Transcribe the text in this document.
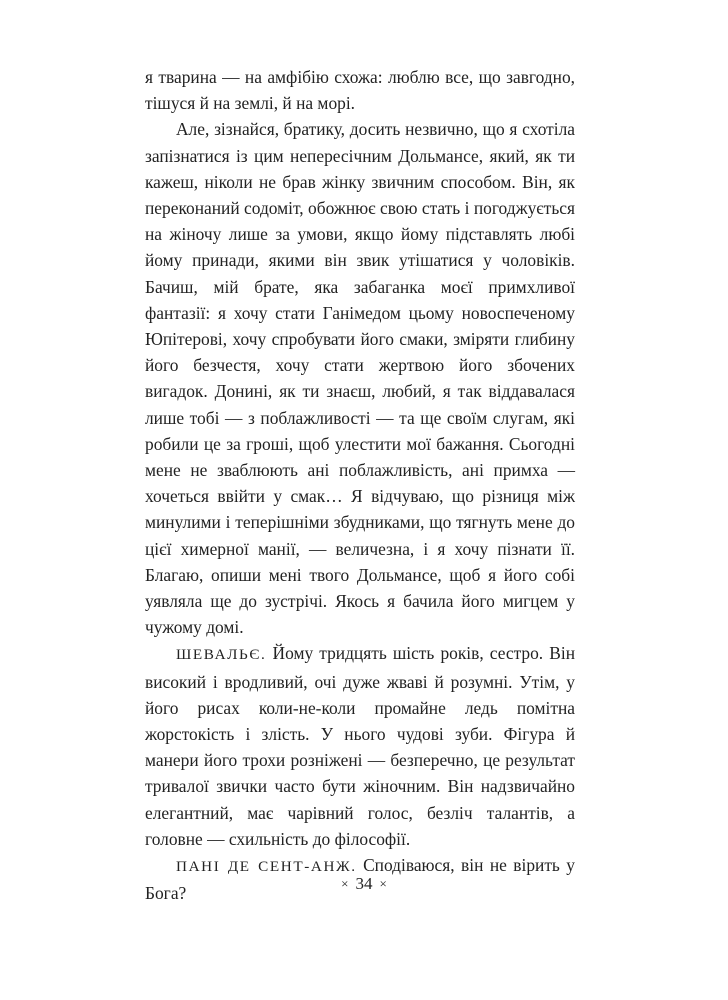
я тварина — на амфібію схожа: люблю все, що завгодно, тішуся й на землі, й на морі.

Але, зізнайся, братику, досить незвично, що я схотіла запізнатися із цим непересічним Дольмансе, який, як ти кажеш, ніколи не брав жінку звичним способом. Він, як переконаний содоміт, обожнює свою стать і погоджується на жіночу лише за умови, якщо йому підставлять любі йому принади, якими він звик утішатися у чоловіків. Бачиш, мій брате, яка забаганка моєї примхливої фантазії: я хочу стати Ганімедом цьому новоспеченому Юпітерові, хочу спробувати його смаки, зміряти глибину його безчестя, хочу стати жертвою його збочених вигадок. Донині, як ти знаєш, любий, я так віддавалася лише тобі — з поблажливості — та ще своїм слугам, які робили це за гроші, щоб улестити мої бажання. Сьогодні мене не зваблюють ані поблажливість, ані примха — хочеться ввійти у смак… Я відчуваю, що різниця між минулими і теперішніми збудниками, що тягнуть мене до цієї химерної манії, — величезна, і я хочу пізнати її. Благаю, опиши мені твого Дольмансе, щоб я його собі уявляла ще до зустрічі. Якось я бачила його мигцем у чужому домі.

ШЕВАЛЬЄ. Йому тридцять шість років, сестро. Він високий і вродливий, очі дуже жваві й розумні. Утім, у його рисах коли-не-коли промайне ледь помітна жорстокість і злість. У нього чудові зуби. Фігура й манери його трохи розніжені — безперечно, це результат тривалої звички часто бути жіночним. Він надзвичайно елегантний, має чарівний голос, безліч талантів, а головне — схильність до філософії.

ПАНІ ДЕ СЕНТ-АНЖ. Сподіваюся, він не вірить у Бога?	× 34 ×
